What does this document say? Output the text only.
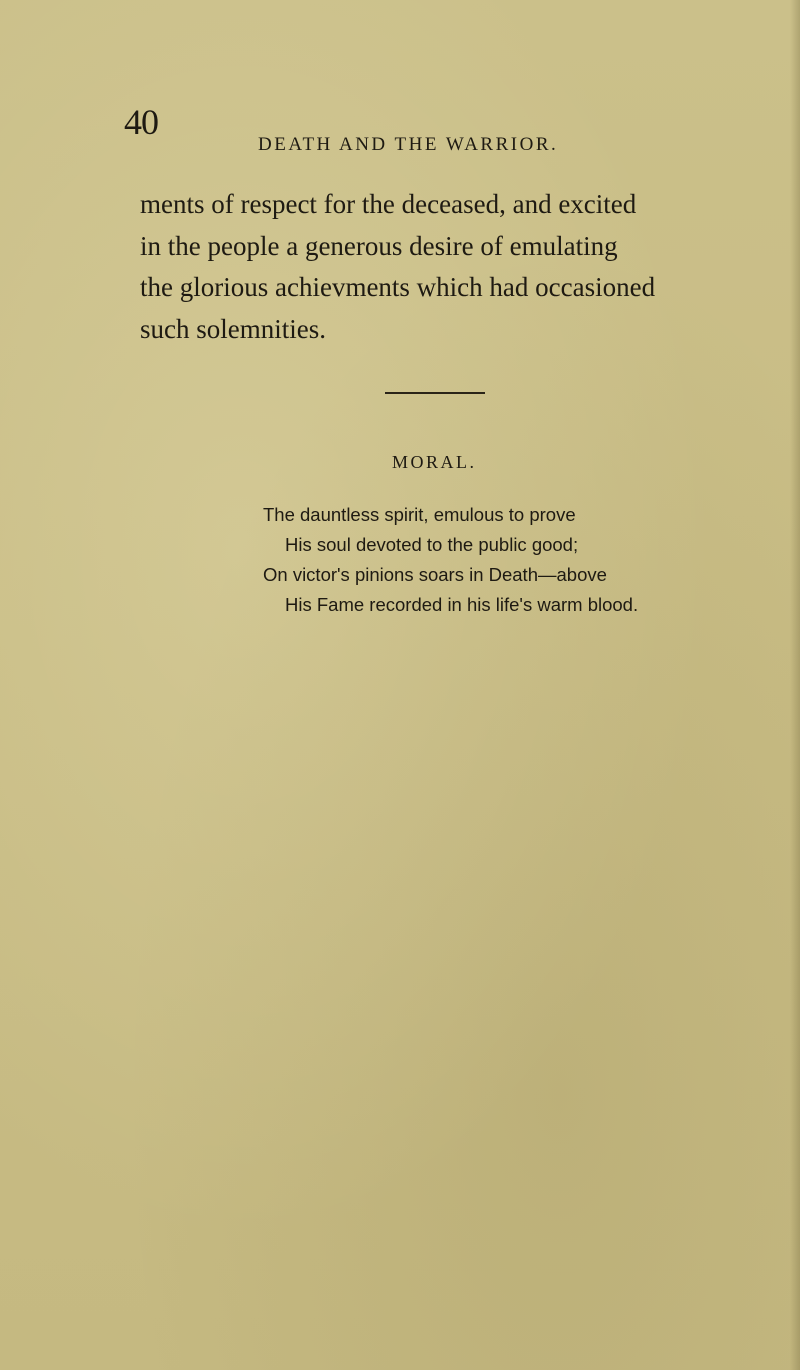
40
DEATH AND THE WARRIOR.
ments of respect for the deceased, and excited
in the people a generous desire of emulating
the glorious achievments which had occasioned
such solemnities.
MORAL.
The dauntless spirit, emulous to prove
His soul devoted to the public good;
On victor's pinions soars in Death—above
His Fame recorded in his life's warm blood.
